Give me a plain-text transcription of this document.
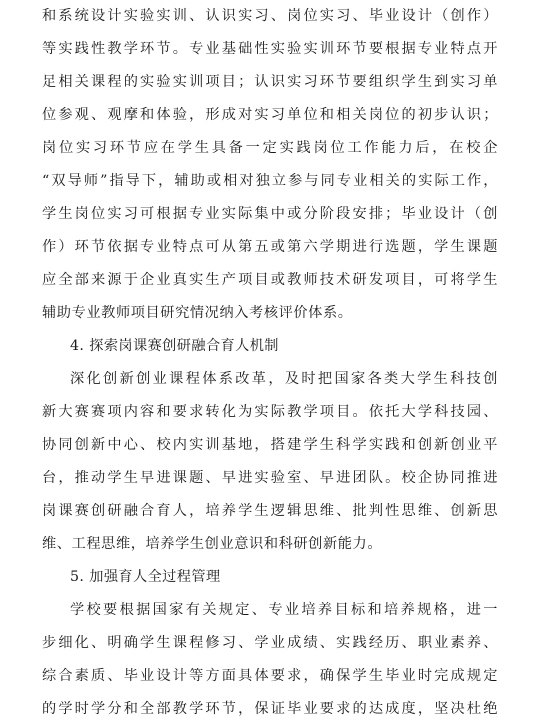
和系统设计实验实训、认识实习、岗位实习、毕业设计（创作）
等实践性教学环节。专业基础性实验实训环节要根据专业特点开
足相关课程的实验实训项目；认识实习环节要组织学生到实习单
位参观、观摩和体验，形成对实习单位和相关岗位的初步认识；
岗位实习环节应在学生具备一定实践岗位工作能力后，在校企
“双导师”指导下，辅助或相对独立参与同专业相关的实际工作，
学生岗位实习可根据专业实际集中或分阶段安排；毕业设计（创
作）环节依据专业特点可从第五或第六学期进行选题，学生课题
应全部来源于企业真实生产项目或教师技术研发项目，可将学生
辅助专业教师项目研究情况纳入考核评价体系。
4. 探索岗课赛创研融合育人机制
深化创新创业课程体系改革，及时把国家各类大学生科技创
新大赛赛项内容和要求转化为实际教学项目。依托大学科技园、
协同创新中心、校内实训基地，搭建学生科学实践和创新创业平
台，推动学生早进课题、早进实验室、早进团队。校企协同推进
岗课赛创研融合育人，培养学生逻辑思维、批判性思维、创新思
维、工程思维，培养学生创业意识和科研创新能力。
5. 加强育人全过程管理
学校要根据国家有关规定、专业培养目标和培养规格，进一
步细化、明确学生课程修习、学业成绩、实践经历、职业素养、
综合素质、毕业设计等方面具体要求，确保学生毕业时完成规定
的学时学分和全部教学环节，保证毕业要求的达成度，坚决杜绝
